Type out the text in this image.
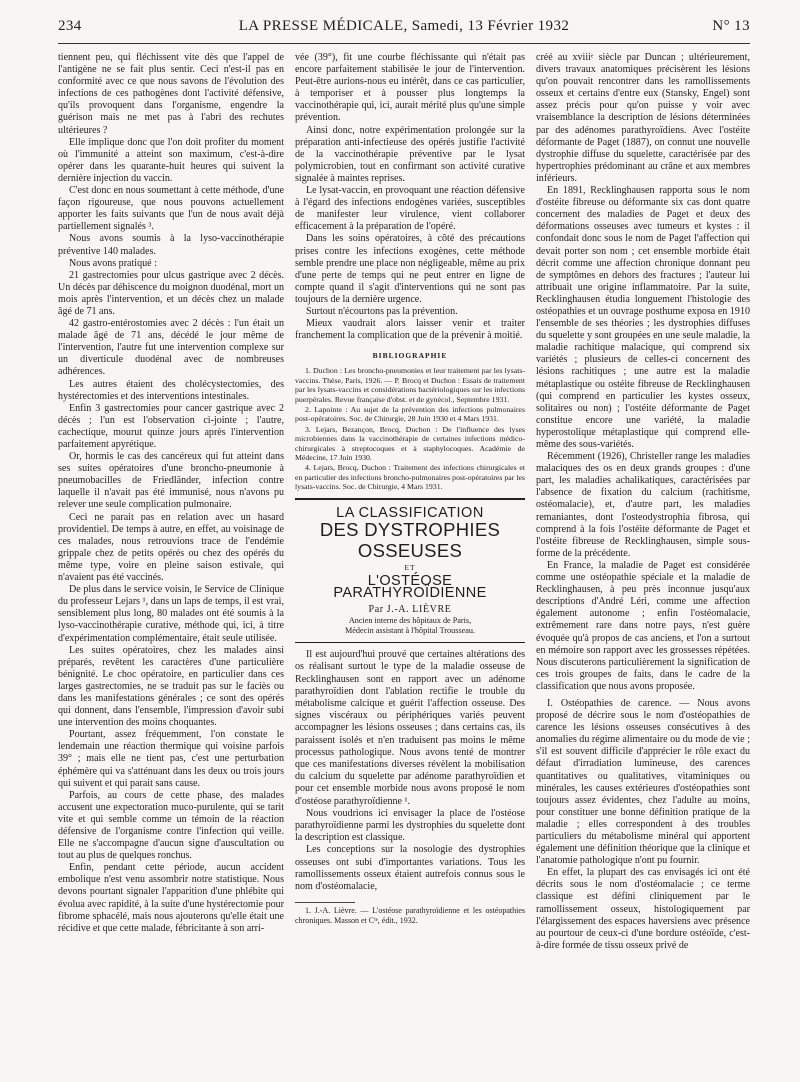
234	LA PRESSE MÉDICALE, Samedi, 13 Février 1932	N° 13

tiennent peu, qui fléchissent vite dès que l'appel de l'antigène ne se fait plus sentir. Ceci n'est-il pas en conformité avec ce que nous savons de l'évolution des infections de ces pathogènes dont l'activité défensive, qu'ils provoquent dans l'organisme, engendre la guérison mais ne met pas à l'abri des rechutes ultérieures ?

Elle implique donc que l'on doit profiter du moment où l'immunité a atteint son maximum, c'est-à-dire opérer dans les quarante-huit heures qui suivent la dernière injection du vaccin.

C'est donc en nous soumettant à cette méthode, d'une façon rigoureuse, que nous pouvons actuellement apporter les faits suivants que l'un de nous avait déjà partiellement signalés ³.

Nous avons soumis à la lyso-vaccinothérapie préventive 140 malades.

Nous avons pratiqué :

21 gastrectomies pour ulcus gastrique avec 2 décès. Un décès par déhiscence du moignon duodénal, mort un mois après l'intervention, et un décès chez un malade âgé de 71 ans.

42 gastro-entérostomies avec 2 décès : l'un était un malade âgé de 71 ans, décédé le jour même de l'intervention, l'autre fut une intervention complexe sur un diverticule duodénal avec de nombreuses adhérences.

Les autres étaient des cholécystectomies, des hystérectomies et des interventions intestinales.

Enfin 3 gastrectomies pour cancer gastrique avec 2 décès ; l'un est l'observation ci-jointe ; l'autre, cachectique, mourut quinze jours après l'intervention parfaitement apyrétique.

Or, hormis le cas des cancéreux qui fut atteint dans ses suites opératoires d'une broncho-pneumonie à pneumobacilles de Friedländer, infection contre laquelle il n'avait pas été immunisé, nous n'avons pu relever une seule complication pulmonaire.

Ceci ne parait pas en relation avec un hasard providentiel. De temps à autre, en effet, au voisinage de ces malades, nous retrouvions trace de l'endémie grippale chez de petits opérés ou chez des opérés du même type, voire en pleine saison estivale, qui n'avaient pas été vaccinés.

De plus dans le service voisin, le Service de Clinique du professeur Lejars ¹, dans un laps de temps, il est vrai, sensiblement plus long, 80 malades ont été soumis à la lyso-vaccinothérapie curative, méthode qui, ici, à titre d'expérimentation complémentaire, était seule utilisée.

Les suites opératoires, chez les malades ainsi préparés, revêtent les caractères d'une particulière bénignité. Le choc opératoire, en particulier dans ces larges gastrectomies, ne se traduit pas sur le faciès ou dans les manifestations générales ; ce sont des opérés qui donnent, dans l'ensemble, l'impression d'avoir subi une intervention des moins choquantes.

Pourtant, assez fréquemment, l'on constate le lendemain une réaction thermique qui voisine parfois 39° ; mais elle ne tient pas, c'est une perturbation éphémère qui va s'atténuant dans les deux ou trois jours qui suivent et qui parait sans cause.

Parfois, au cours de cette phase, des malades accusent une expectoration muco-purulente, qui se tarit vite et qui semble comme un témoin de la réaction défensive de l'organisme contre l'infection qui veille. Elle ne s'accompagne d'aucun signe d'auscultation ou tout au plus de quelques ronchus.

Enfin, pendant cette période, aucun accident embolique n'est venu assombrir notre statistique. Nous devons pourtant signaler l'apparition d'une phlébite qui évolua avec rapidité, à la suite d'une hystérectomie pour fibrome sphacélé, mais nous ajouterons qu'elle était une récidive et que cette malade, fébricitante à son arri-

vée (39°), fit une courbe fléchissante qui n'était pas encore parfaitement stabilisée le jour de l'intervention. Peut-être aurions-nous eu intérêt, dans ce cas particulier, à temporiser et à pousser plus longtemps la vaccinothérapie qui, ici, aurait mérité plus qu'une simple prévention.

Ainsi donc, notre expérimentation prolongée sur la préparation anti-infectieuse des opérés justifie l'activité de la vaccinothérapie préventive par le lysat polymicrobien, tout en confirmant son activité curative signalée à maintes reprises.

Le lysat-vaccin, en provoquant une réaction défensive à l'égard des infections endogènes variées, susceptibles de manifester leur virulence, vient collaborer efficacement à la préparation de l'opéré.

Dans les soins opératoires, à côté des précautions prises contre les infections exogènes, cette méthode semble prendre une place non négligeable, même au prix d'une perte de temps qui ne peut entrer en ligne de compte quand il s'agit d'interventions qui ne sont pas toujours de la dernière urgence.

Surtout n'écourtons pas la prévention.

Mieux vaudrait alors laisser venir et traiter franchement la complication que de la prévenir à moitié.

BIBLIOGRAPHIE
1. Duchon : Les broncho-pneumonies et leur traitement par les lysats-vaccins. Thèse, Paris, 1926. — P. Brocq et Duchon : Essais de traitement par les lysats-vaccins et considérations bactériologiques sur les infections puerpérales. Revue française d'obst. et de gynécol., Septembre 1931.
2. Lapointe : Au sujet de la prévention des infections pulmonaires post-opératoires. Soc. de Chirurgie, 28 Juin 1930 et 4 Mars 1931.
3. Lejars, Bezançon, Brocq, Duchon : De l'influence des lyses microbiennes dans la vaccinothérapie de certaines infections médico-chirurgicales à streptocoques et à staphylocoques. Académie de Médecine, 17 Juin 1930.
4. Lejars, Brocq, Duchon : Traitement des infections chirurgicales et en particulier des infections broncho-pulmonaires post-opératoires par les lysats-vaccins. Soc. de Chirurgie, 4 Mars 1931.
LA CLASSIFICATION
DES DYSTROPHIES OSSEUSES
ET
L'OSTÉOSE PARATHYROÏDIENNE
Par J.-A. LIÈVRE
Ancien interne des hôpitaux de Paris,
Médecin assistant à l'hôpital Trousseau.

Il est aujourd'hui prouvé que certaines altérations des os réalisant surtout le type de la maladie osseuse de Recklinghausen sont en rapport avec un adénome parathyroïdien dont l'ablation rectifie le trouble du métabolisme calcique et guérit l'affection osseuse. Des signes viscéraux ou périphériques variés peuvent accompagner les lésions osseuses ; dans certains cas, ils paraissent isolés et n'en traduisent pas moins le même processus pathologique. Nous avons tenté de montrer que ces manifestations diverses révèlent la mobilisation du calcium du squelette par adénome parathyroïdien et pour cet ensemble morbide nous avons proposé le nom d'ostéose parathyroïdienne ¹.

Nous voudrions ici envisager la place de l'ostéose parathyroïdienne parmi les dystrophies du squelette dont la description est classique.

Les conceptions sur la nosologie des dystrophies osseuses ont subi d'importantes variations. Tous les ramollissements osseux étaient autrefois connus sous le nom d'ostéomalacie,

1. J.-A. Lièvre. — L'ostéose parathyroïdienne et les ostéopathies chroniques. Masson et Cⁱᵉ, édit., 1932.

créé au xviiiᵉ siècle par Duncan ; ultérieurement, divers travaux anatomiques précisèrent les lésions qu'on pouvait rencontrer dans les ramollissements osseux et certains d'entre eux (Stansky, Engel) sont assez précis pour qu'on puisse y voir avec vraisemblance la description de lésions déterminées par des adénomes parathyroïdiens. Avec l'ostéite déformante de Paget (1887), on connut une nouvelle dystrophie diffuse du squelette, caractérisée par des hypertrophies prédominant au crâne et aux membres inférieurs.

En 1891, Recklinghausen rapporta sous le nom d'ostéite fibreuse ou déformante six cas dont quatre concernent des maladies de Paget et deux des déformations osseuses avec tumeurs et kystes : il confondait donc sous le nom de Paget l'affection qui devait porter son nom ; cet ensemble morbide était décrit comme une affection chronique donnant peu de symptômes en dehors des fractures ; l'auteur lui attribuait une origine inflammatoire. Par la suite, Recklinghausen étudia longuement l'histologie des ostéopathies et un ouvrage posthume exposa en 1910 l'ensemble de ses théories ; les dystrophies diffuses du squelette y sont groupées en une seule maladie, la maladie rachitique malacique, qui comprend six variétés ; plusieurs de celles-ci concernent des lésions rachitiques ; une autre est la maladie métaplastique ou ostéite fibreuse de Recklinghausen (qui comprend en particulier les kystes osseux, solitaires ou non) ; l'ostéite déformante de Paget constitue encore une variété, la maladie hyperostolique métaplastique qui comprend elle-même des sous-variétés.

Récemment (1926), Christeller range les maladies malaciques des os en deux grands groupes : d'une part, les maladies achalikatiques, caractérisées par l'absence de fixation du calcium (rachitisme, ostéomalacie), et, d'autre part, les maladies remaniantes, dont l'osteodystrophia fibrosa, qui comprend à la fois l'ostéite déformante de Paget et l'ostéite fibreuse de Recklinghausen, simple sous-forme de la précédente.

En France, la maladie de Paget est considérée comme une ostéopathie spéciale et la maladie de Recklinghausen, à peu près inconnue jusqu'aux descriptions d'André Léri, comme une affection également autonome ; enfin l'ostéomalacie, extrêmement rare dans notre pays, n'est guère évoquée qu'à propos de cas anciens, et l'on a surtout en mémoire son rapport avec les grossesses répétées. Nous discuterons particulièrement la signification de ces trois groupes de faits, dans le cadre de la classification que nous avons proposée.

I. Ostéopathies de carence. — Nous avons proposé de décrire sous le nom d'ostéopathies de carence les lésions osseuses consécutives à des anomalies du régime alimentaire ou du mode de vie ; s'il est souvent difficile d'apprécier le rôle exact du défaut d'irradiation lumineuse, des carences quantitatives ou qualitatives, vitaminiques ou minérales, les causes extérieures d'ostéopathies sont toujours assez évidentes, chez l'adulte au moins, pour constituer une bonne définition pratique de la maladie ; elles correspondent à des troubles particuliers du métabolisme minéral qui apportent également une définition théorique que la clinique et l'anatomie pathologique n'ont pu fournir.

En effet, la plupart des cas envisagés ici ont été décrits sous le nom d'ostéomalacie ; ce terme classique est défini cliniquement par le ramollissement osseux, histologiquement par l'élargissement des espaces haversiens avec présence au pourtour de ceux-ci d'une bordure ostéoïde, c'est-à-dire formée de tissu osseux privé de
